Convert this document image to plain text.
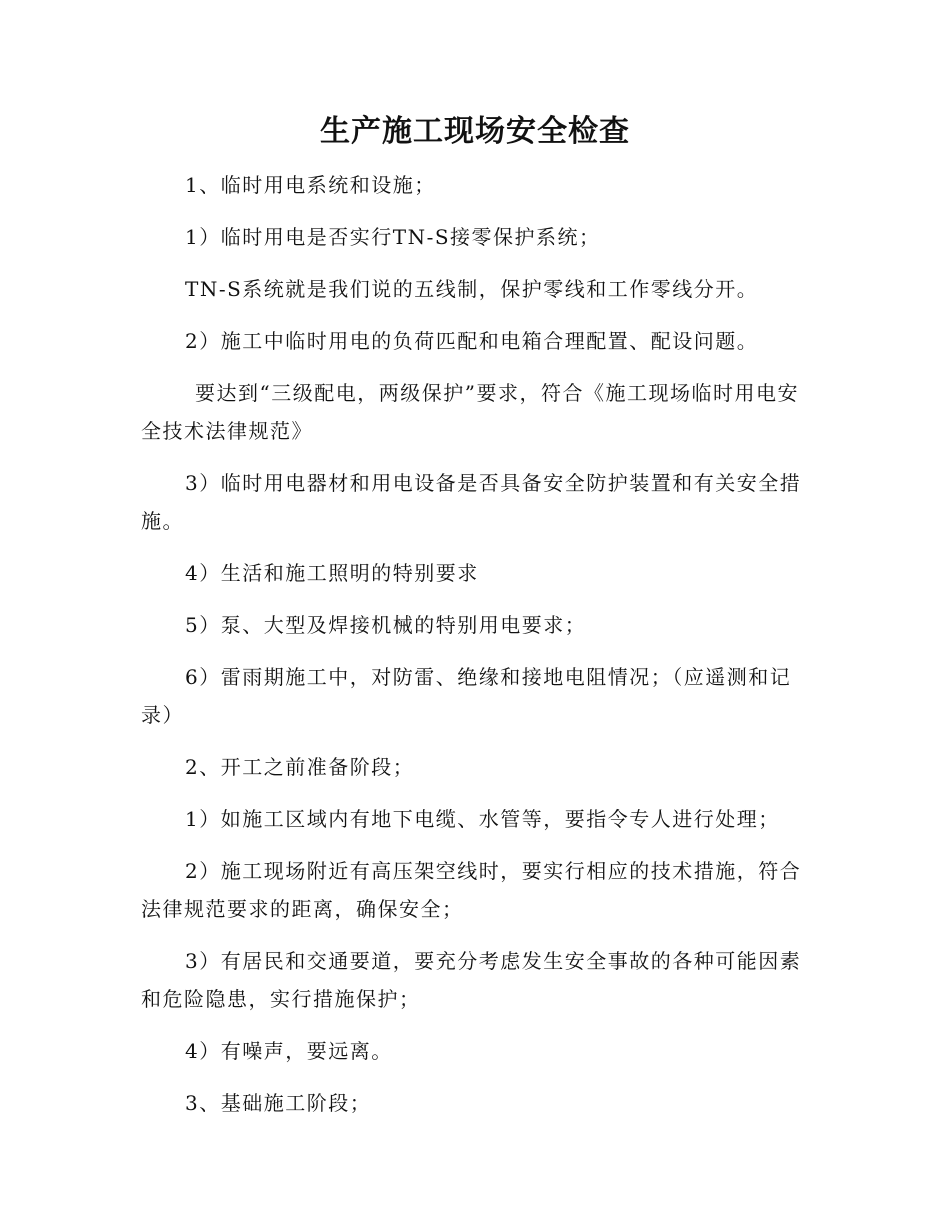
生产施工现场安全检查
1、临时用电系统和设施；
1）临时用电是否实行TN-S接零保护系统；
TN-S系统就是我们说的五线制，保护零线和工作零线分开。
2）施工中临时用电的负荷匹配和电箱合理配置、配设问题。
要达到“三级配电，两级保护”要求，符合《施工现场临时用电安全技术法律规范》
3）临时用电器材和用电设备是否具备安全防护装置和有关安全措施。
4）生活和施工照明的特别要求
5）泵、大型及焊接机械的特别用电要求；
6）雷雨期施工中，对防雷、绝缘和接地电阻情况；（应遥测和记录）
2、开工之前准备阶段；
1）如施工区域内有地下电缆、水管等，要指令专人进行处理；
2）施工现场附近有高压架空线时，要实行相应的技术措施，符合法律规范要求的距离，确保安全；
3）有居民和交通要道，要充分考虑发生安全事故的各种可能因素和危险隐患，实行措施保护；
4）有噪声，要远离。
3、基础施工阶段；
